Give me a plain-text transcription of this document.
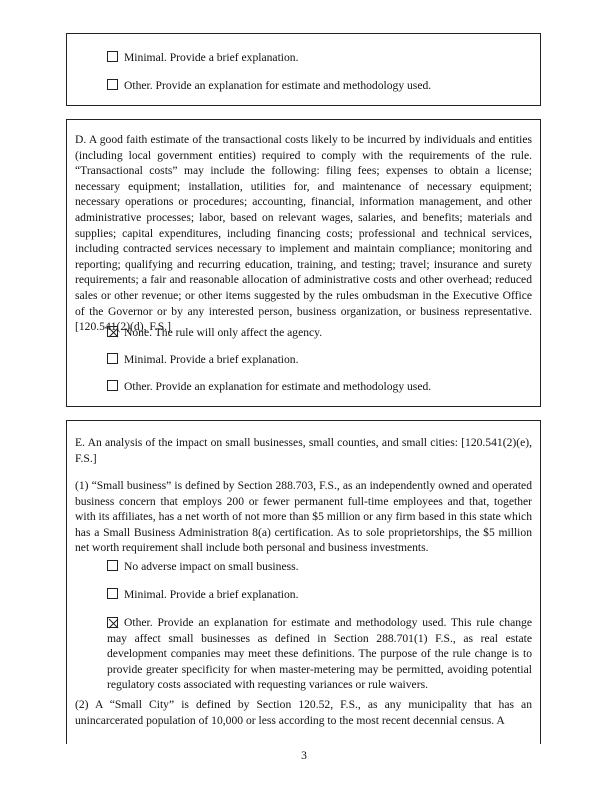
Minimal. Provide a brief explanation.
Other. Provide an explanation for estimate and methodology used.

D. A good faith estimate of the transactional costs likely to be incurred by individuals and entities (including local government entities) required to comply with the requirements of the rule. “Transactional costs” may include the following: filing fees; expenses to obtain a license; necessary equipment; installation, utilities for, and maintenance of necessary equipment; necessary operations or procedures; accounting, financial, information management, and other administrative processes; labor, based on relevant wages, salaries, and benefits; materials and supplies; capital expenditures, including financing costs; professional and technical services, including contracted services necessary to implement and maintain compliance; monitoring and reporting; qualifying and recurring education, training, and testing; travel; insurance and surety requirements; a fair and reasonable allocation of administrative costs and other overhead; reduced sales or other revenue; or other items suggested by the rules ombudsman in the Executive Office of the Governor or by any interested person, business organization, or business representative. [120.541(2)(d), F.S.]

None. The rule will only affect the agency.
Minimal. Provide a brief explanation.
Other. Provide an explanation for estimate and methodology used.

E. An analysis of the impact on small businesses, small counties, and small cities: [120.541(2)(e), F.S.]

(1) “Small business” is defined by Section 288.703, F.S., as an independently owned and operated business concern that employs 200 or fewer permanent full-time employees and that, together with its affiliates, has a net worth of not more than $5 million or any firm based in this state which has a Small Business Administration 8(a) certification. As to sole proprietorships, the $5 million net worth requirement shall include both personal and business investments.

No adverse impact on small business.
Minimal. Provide a brief explanation.
Other. Provide an explanation for estimate and methodology used. This rule change may affect small businesses as defined in Section 288.701(1) F.S., as real estate development companies may meet these definitions. The purpose of the rule change is to provide greater specificity for when master-metering may be permitted, avoiding potential regulatory costs associated with requesting variances or rule waivers.

(2) A “Small City” is defined by Section 120.52, F.S., as any municipality that has an unincarcerated population of 10,000 or less according to the most recent decennial census. A

3
